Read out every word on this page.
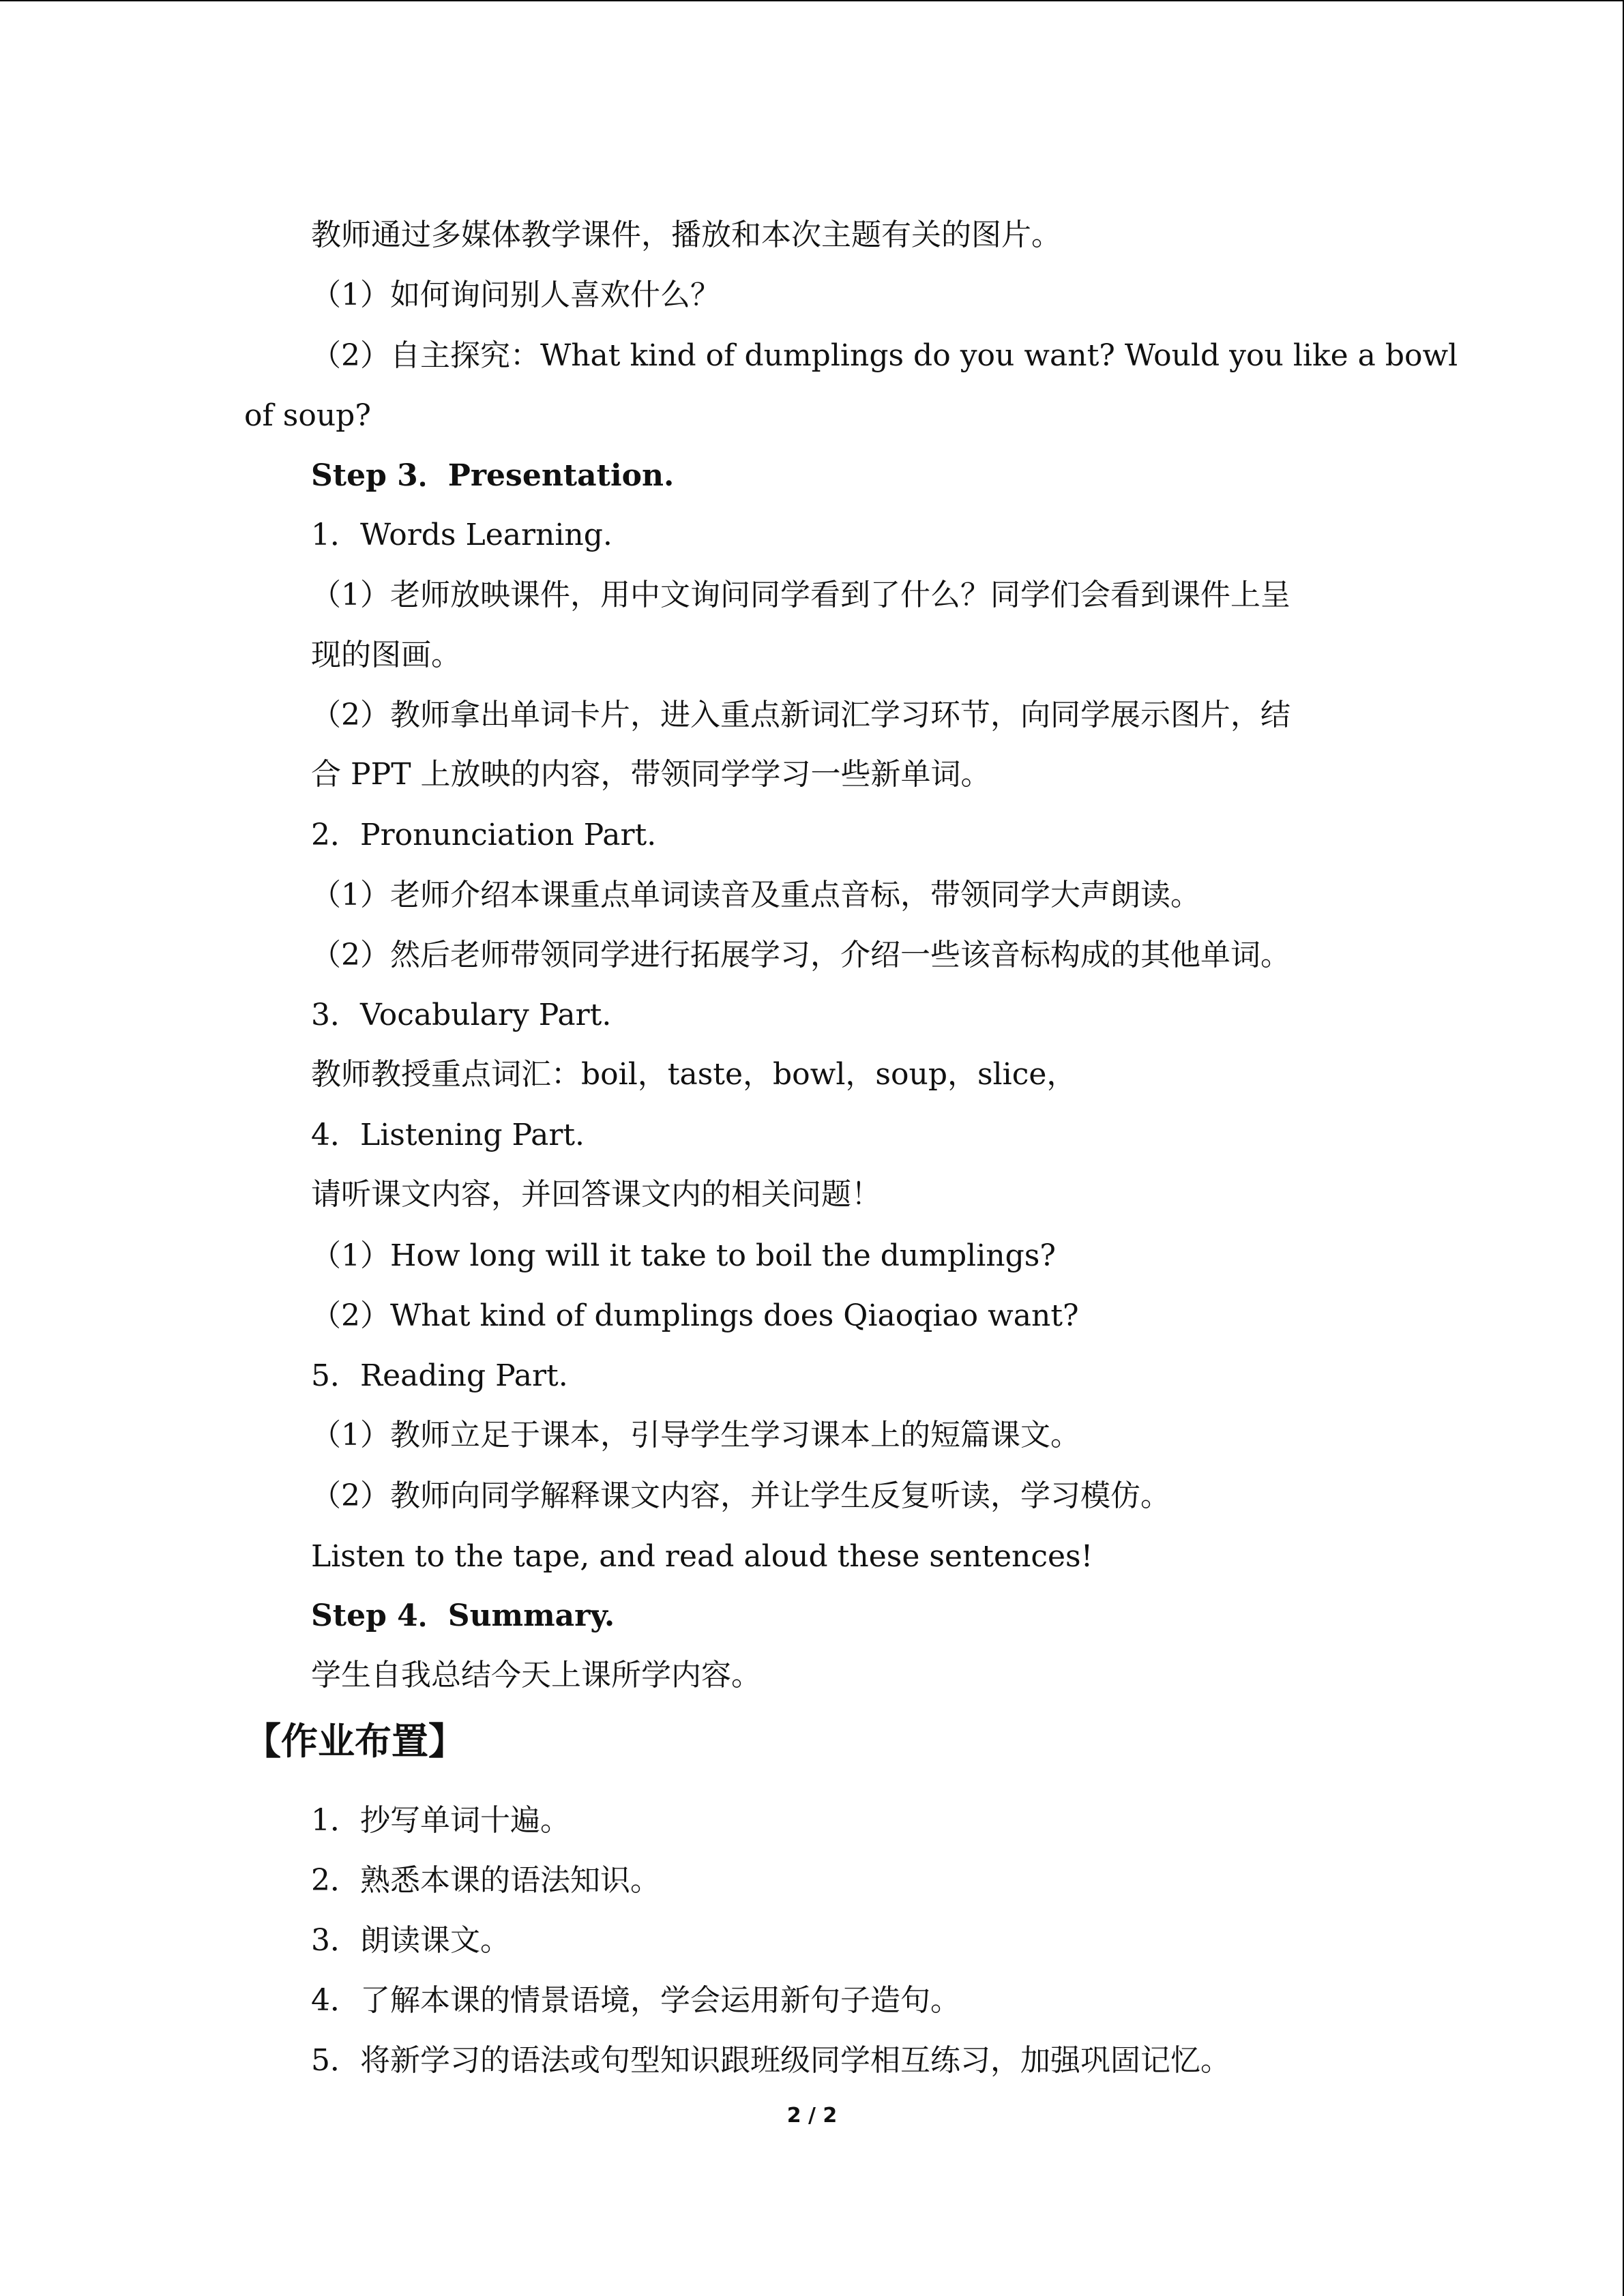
教师通过多媒体教学课件，播放和本次主题有关的图片。
（1）如何询问别人喜欢什么？
（2）自主探究：What kind of dumplings do you want? Would you like a bowl
of soup?
Step 3．Presentation.
1．Words Learning.
（1）老师放映课件，用中文询问同学看到了什么？同学们会看到课件上呈
现的图画。
（2）教师拿出单词卡片，进入重点新词汇学习环节，向同学展示图片，结
合 PPT 上放映的内容，带领同学学习一些新单词。
2．Pronunciation Part.
（1）老师介绍本课重点单词读音及重点音标，带领同学大声朗读。
（2）然后老师带领同学进行拓展学习，介绍一些该音标构成的其他单词。
3．Vocabulary Part.
教师教授重点词汇：boil，taste，bowl，soup，slice，
4．Listening Part.
请听课文内容，并回答课文内的相关问题！
（1）How long will it take to boil the dumplings?
（2）What kind of dumplings does Qiaoqiao want?
5．Reading Part.
（1）教师立足于课本，引导学生学习课本上的短篇课文。
（2）教师向同学解释课文内容，并让学生反复听读，学习模仿。
Listen to the tape, and read aloud these sentences!
Step 4．Summary.
学生自我总结今天上课所学内容。
【作业布置】
1．抄写单词十遍。
2．熟悉本课的语法知识。
3．朗读课文。
4．了解本课的情景语境，学会运用新句子造句。
5．将新学习的语法或句型知识跟班级同学相互练习，加强巩固记忆。
2 / 2
